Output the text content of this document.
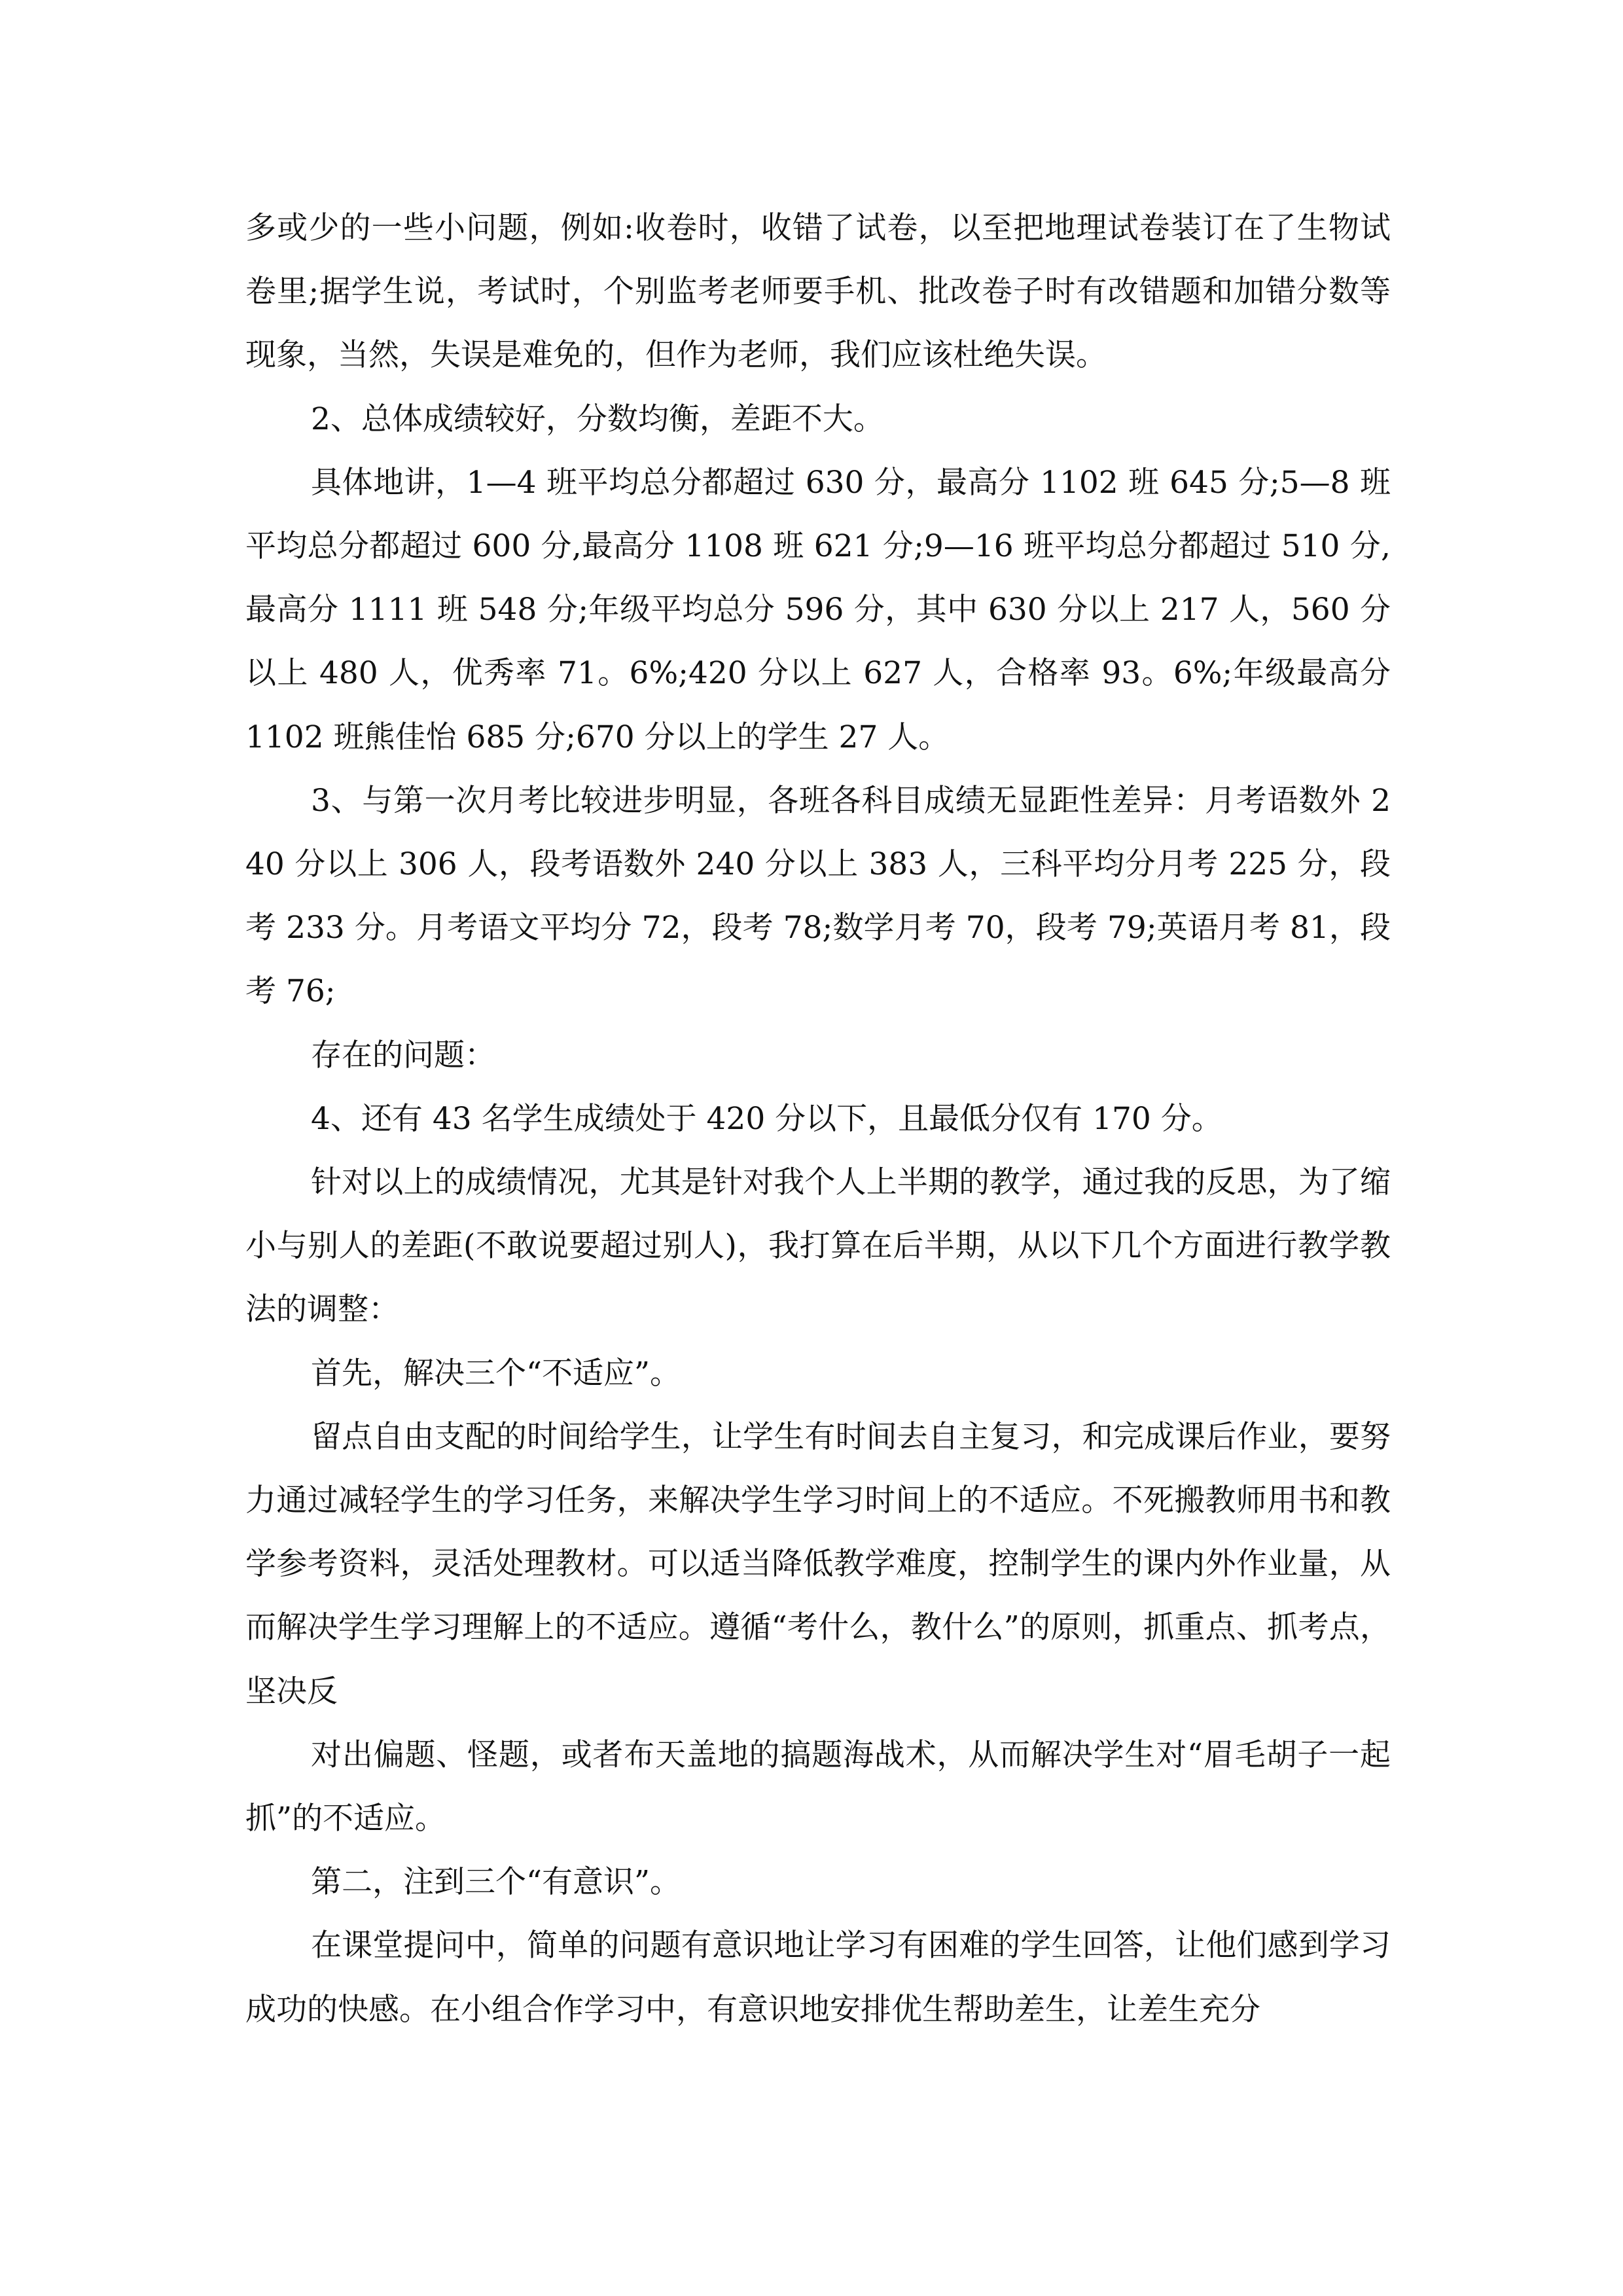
多或少的一些小问题，例如:收卷时，收错了试卷，以至把地理试卷装订在了生物试卷里;据学生说，考试时，个别监考老师要手机、批改卷子时有改错题和加错分数等现象，当然，失误是难免的，但作为老师，我们应该杜绝失误。

2、总体成绩较好，分数均衡，差距不大。

具体地讲，1—4 班平均总分都超过 630 分，最高分 1102 班 645 分;5—8 班平均总分都超过 600 分,最高分 1108 班 621 分;9—16 班平均总分都超过 510 分,最高分 1111 班 548 分;年级平均总分 596 分，其中 630 分以上 217 人，560 分以上 480 人，优秀率 71。6%;420 分以上 627 人，合格率 93。6%;年级最高分 1102 班熊佳怡 685 分;670 分以上的学生 27 人。

3、与第一次月考比较进步明显，各班各科目成绩无显距性差异：月考语数外 240 分以上 306 人，段考语数外 240 分以上 383 人，三科平均分月考 225 分，段考 233 分。月考语文平均分 72，段考 78;数学月考 70，段考 79;英语月考 81，段考 76;

存在的问题：

4、还有 43 名学生成绩处于 420 分以下，且最低分仅有 170 分。

针对以上的成绩情况，尤其是针对我个人上半期的教学，通过我的反思，为了缩小与别人的差距(不敢说要超过别人)，我打算在后半期，从以下几个方面进行教学教法的调整：

首先，解决三个“不适应”。

留点自由支配的时间给学生，让学生有时间去自主复习，和完成课后作业，要努力通过减轻学生的学习任务，来解决学生学习时间上的不适应。不死搬教师用书和教学参考资料，灵活处理教材。可以适当降低教学难度，控制学生的课内外作业量，从而解决学生学习理解上的不适应。遵循“考什么，教什么”的原则，抓重点、抓考点，坚决反

对出偏题、怪题，或者布天盖地的搞题海战术，从而解决学生对“眉毛胡子一起抓”的不适应。

第二，注到三个“有意识”。

在课堂提问中，简单的问题有意识地让学习有困难的学生回答，让他们感到学习成功的快感。在小组合作学习中，有意识地安排优生帮助差生，让差生充分
